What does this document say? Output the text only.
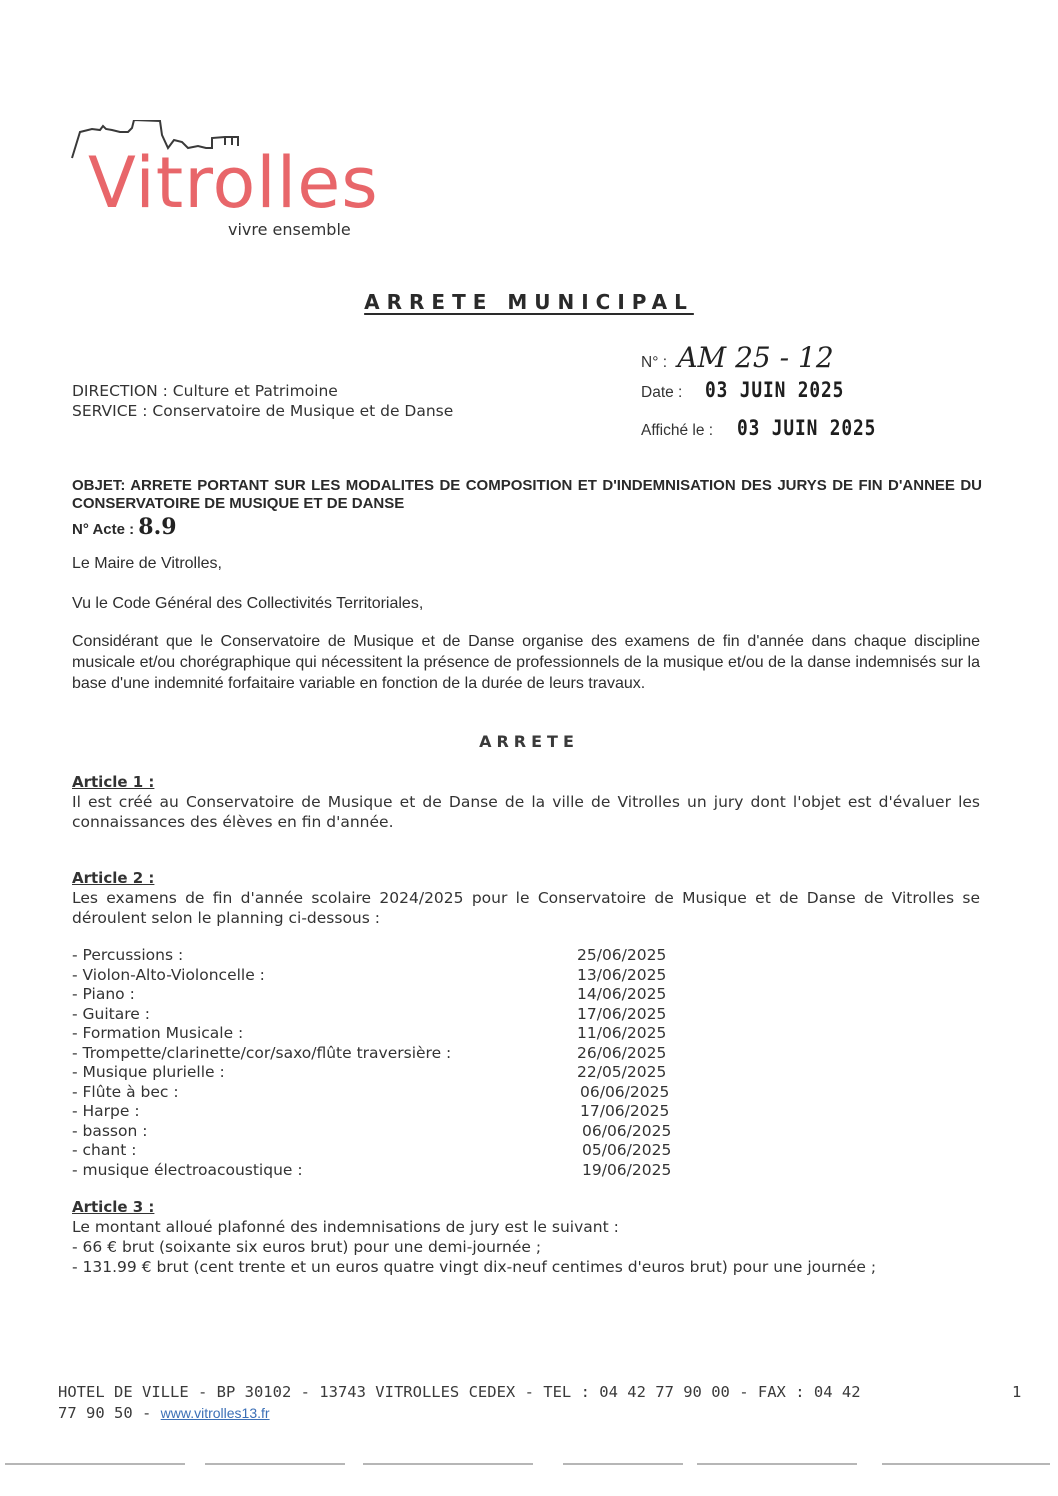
Vitrolles
vivre ensemble
ARRETE MUNICIPAL
DIRECTION : Culture et Patrimoine
SERVICE : Conservatoire de Musique et de Danse
N° : AM 25 - 12
Date : 03 JUIN 2025
Affiché le : 03 JUIN 2025
OBJET: ARRETE PORTANT SUR LES MODALITES DE COMPOSITION ET D'INDEMNISATION DES JURYS DE FIN D'ANNEE DU CONSERVATOIRE DE MUSIQUE ET DE DANSE
N° Acte : 8.9
Le Maire de Vitrolles,
Vu le Code Général des Collectivités Territoriales,
Considérant que le Conservatoire de Musique et de Danse organise des examens de fin d'année dans chaque discipline musicale et/ou chorégraphique qui nécessitent la présence de professionnels de la musique et/ou de la danse indemnisés sur la base d'une indemnité forfaitaire variable en fonction de la durée de leurs travaux.
ARRETE
Article 1 :
Il est créé au Conservatoire de Musique et de Danse de la ville de Vitrolles un jury dont l'objet est d'évaluer les connaissances des élèves en fin d'année.
Article 2 :
Les examens de fin d'année scolaire 2024/2025 pour le Conservatoire de Musique et de Danse de Vitrolles se déroulent selon le planning ci-dessous :
- Percussions :	25/06/2025
- Violon-Alto-Violoncelle :	13/06/2025
- Piano :	14/06/2025
- Guitare :	17/06/2025
- Formation Musicale :	11/06/2025
- Trompette/clarinette/cor/saxo/flûte traversière :	26/06/2025
- Musique plurielle :	22/05/2025
- Flûte à bec :	06/06/2025
- Harpe :	17/06/2025
- basson :	06/06/2025
- chant :	05/06/2025
- musique électroacoustique :	19/06/2025
Article 3 :
Le montant alloué plafonné des indemnisations de jury est le suivant :
- 66 € brut (soixante six euros brut) pour une demi-journée ;
- 131.99 € brut (cent trente et un euros quatre vingt dix-neuf centimes d'euros brut) pour une journée ;
HOTEL DE VILLE - BP 30102 - 13743 VITROLLES CEDEX - TEL : 04 42 77 90 00 - FAX : 04 42
77 90 50 - www.vitrolles13.fr
1
